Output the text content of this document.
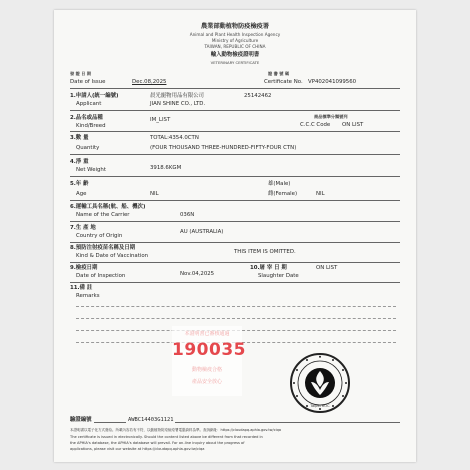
農業部動植物防疫檢疫署
Animal and Plant Health Inspection Agency
Ministry of Agriculture
TAIWAN, REPUBLIC OF CHINA
輸入動物檢疫證明書
VETERINARY CERTIFICATE
發 證 日 期
Date of Issue	Dec.08,2025
證 書 號 碼
Certificate No. VP402041099560
1.申請人(統一編號)
Applicant
晨光寵物用品有限公司
JIAN SHINE CO., LTD.
25142462
2.品名或品種
Kind/Breed
IM_LIST
商品標準分類號列
C.C.C Code ON LIST
3.數 量
Quantity
TOTAL:4354.0CTN
(FOUR THOUSAND THREE-HUNDRED-FIFTY-FOUR CTN)
4.淨 重
Net Weight	3918.6KGM
5.年 齡
Age	NIL
雄(Male)
雌(Female)	NIL
6.運輸工具名稱(航、船、機次)
Name of the Carrier	036N
7.生 產 地
Country of Origin
AU (AUSTRALIA)
8.預防注射疫苗名稱及日期
Kind & Date of Vaccination
THIS ITEM IS OMITTED.
9.檢疫日期
Date of Inspection	Nov.04,2025
10.屠 宰 日 期
Slaughter Date
ON LIST
11.備 註
Remarks
本證明書已審核通過
190035
動物檢疫合格
產品安全放心
Taipei ROC
驗證編號	AWBC14403G1121
本證明書以電子化方式發給。所載內容若有不符，以動植物防疫檢疫署電腦資料為準。查詢網址：https://cloudapq.aphia.gov.tw/ciqa
The certificate is issued in electronically. Should the content listed above be different from that recorded in
the APHIA's database, the APHIA's database will prevail. For on-line inquiry about the progress of
applications, please visit our website at https://cloudapq.aphia.gov.tw/ciqa
